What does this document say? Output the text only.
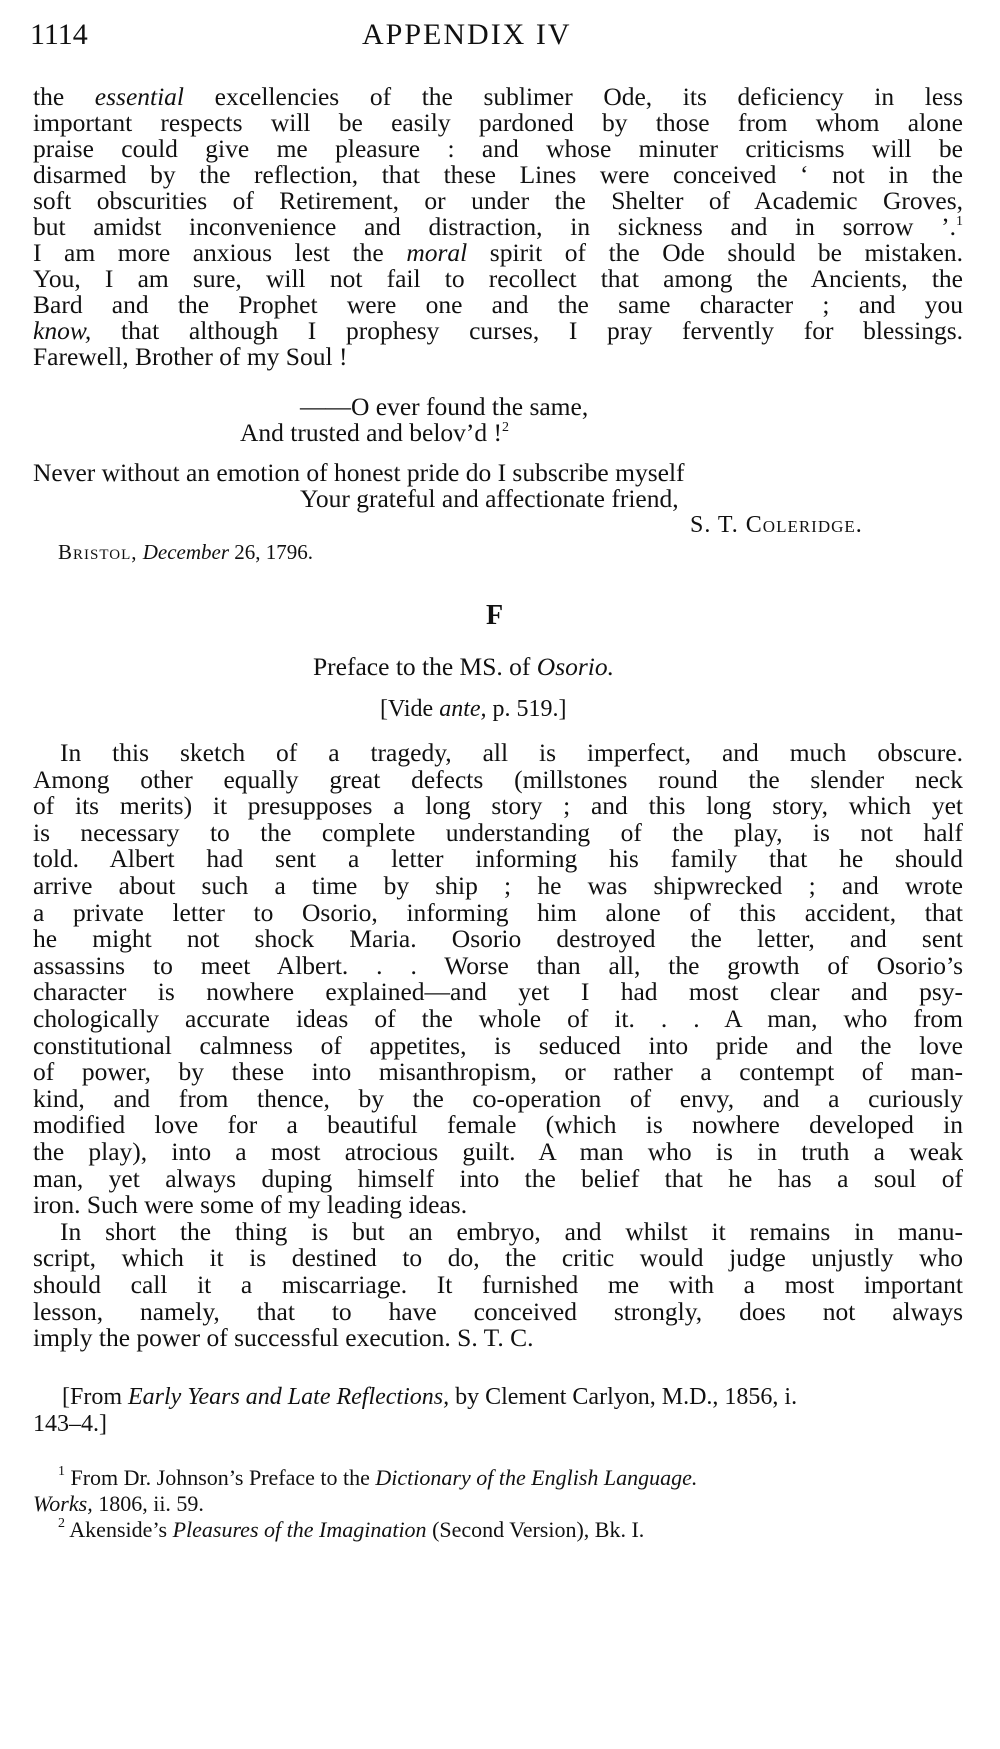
1114	APPENDIX IV
the essential excellencies of the sublimer Ode, its deficiency in less
important respects will be easily pardoned by those from whom alone
praise could give me pleasure : and whose minuter criticisms will be
disarmed by the reflection, that these Lines were conceived ‘ not in the
soft obscurities of Retirement, or under the Shelter of Academic Groves,
but amidst inconvenience and distraction, in sickness and in sorrow ’.$^1$
I am more anxious lest the moral spirit of the Ode should be mistaken.
You, I am sure, will not fail to recollect that among the Ancients, the
Bard and the Prophet were one and the same character ; and you
know, that although I prophesy curses, I pray fervently for blessings.
Farewell, Brother of my Soul !
——O ever found the same,
And trusted and belov’d !$^2$
Never without an emotion of honest pride do I subscribe myself
Your grateful and affectionate friend,
S. T. Coleridge.
Bristol, December 26, 1796.
F
Preface to the MS. of Osorio.
[Vide ante, p. 519.]
In this sketch of a tragedy, all is imperfect, and much obscure.
Among other equally great defects (millstones round the slender neck
of its merits) it presupposes a long story ; and this long story, which yet
is necessary to the complete understanding of the play, is not half
told. Albert had sent a letter informing his family that he should
arrive about such a time by ship ; he was shipwrecked ; and wrote
a private letter to Osorio, informing him alone of this accident, that
he might not shock Maria. Osorio destroyed the letter, and sent
assassins to meet Albert. . . Worse than all, the growth of Osorio’s
character is nowhere explained—and yet I had most clear and psy-
chologically accurate ideas of the whole of it. . . A man, who from
constitutional calmness of appetites, is seduced into pride and the love
of power, by these into misanthropism, or rather a contempt of man-
kind, and from thence, by the co-operation of envy, and a curiously
modified love for a beautiful female (which is nowhere developed in
the play), into a most atrocious guilt. A man who is in truth a weak
man, yet always duping himself into the belief that he has a soul of
iron. Such were some of my leading ideas.
In short the thing is but an embryo, and whilst it remains in manu-
script, which it is destined to do, the critic would judge unjustly who
should call it a miscarriage. It furnished me with a most important
lesson, namely, that to have conceived strongly, does not always
imply the power of successful execution. S. T. C.
[From Early Years and Late Reflections, by Clement Carlyon, M.D., 1856, i.
143–4.]
$^1$ From Dr. Johnson’s Preface to the Dictionary of the English Language.
Works, 1806, ii. 59.
$^2$ Akenside’s Pleasures of the Imagination (Second Version), Bk. I.
